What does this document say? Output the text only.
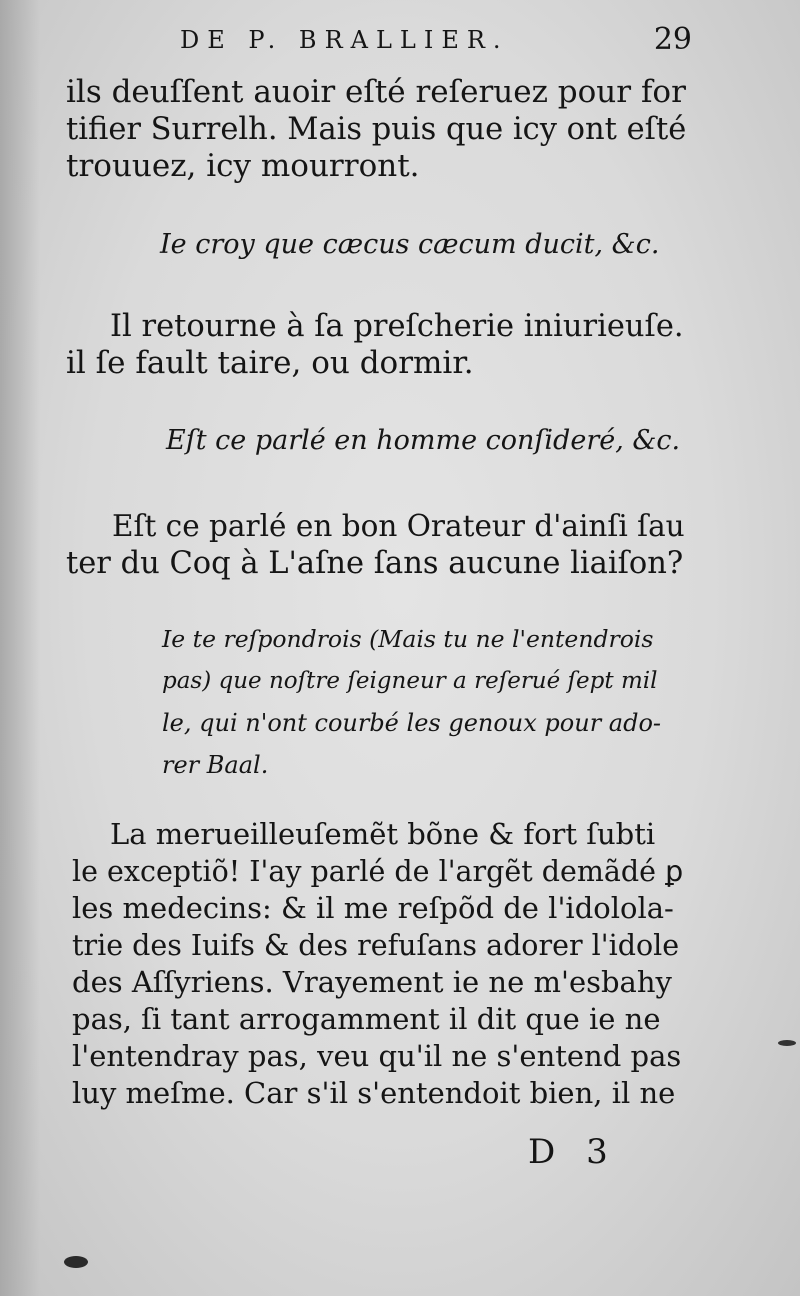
DE P. BRALLIER.	29
ils deuſſent auoir eſté reſeruez pour for
tifier Surrelh. Mais puis que icy ont eſté
trouuez, icy mourront.
Ie croy que cæcus cæcum ducit, &c.
Il retourne à ſa preſcherie iniurieuſe.
il ſe fault taire, ou dormir.
Eſt ce parlé en homme conſideré, &c.
Eſt ce parlé en bon Orateur d'ainſi ſau
ter du Coq à L'aſne ſans aucune liaiſon?
Ie te reſpondrois (Mais tu ne l'entendrois
pas) que noſtre ſeigneur a reſerué ſept mil
le, qui n'ont courbé les genoux pour ado-
rer Baal.
La merueilleuſemẽt bõne & fort ſubti
le exceptiõ! I'ay parlé de l'argẽt demãdé ꝑ
les medecins: & il me reſpõd de l'idolola-
trie des Iuifs & des refuſans adorer l'idole
des Aſſyriens. Vrayement ie ne m'esbahy
pas, ſi tant arrogamment il dit que ie ne
l'entendray pas, veu qu'il ne s'entend pas
luy meſme. Car s'il s'entendoit bien, il ne
D 3
